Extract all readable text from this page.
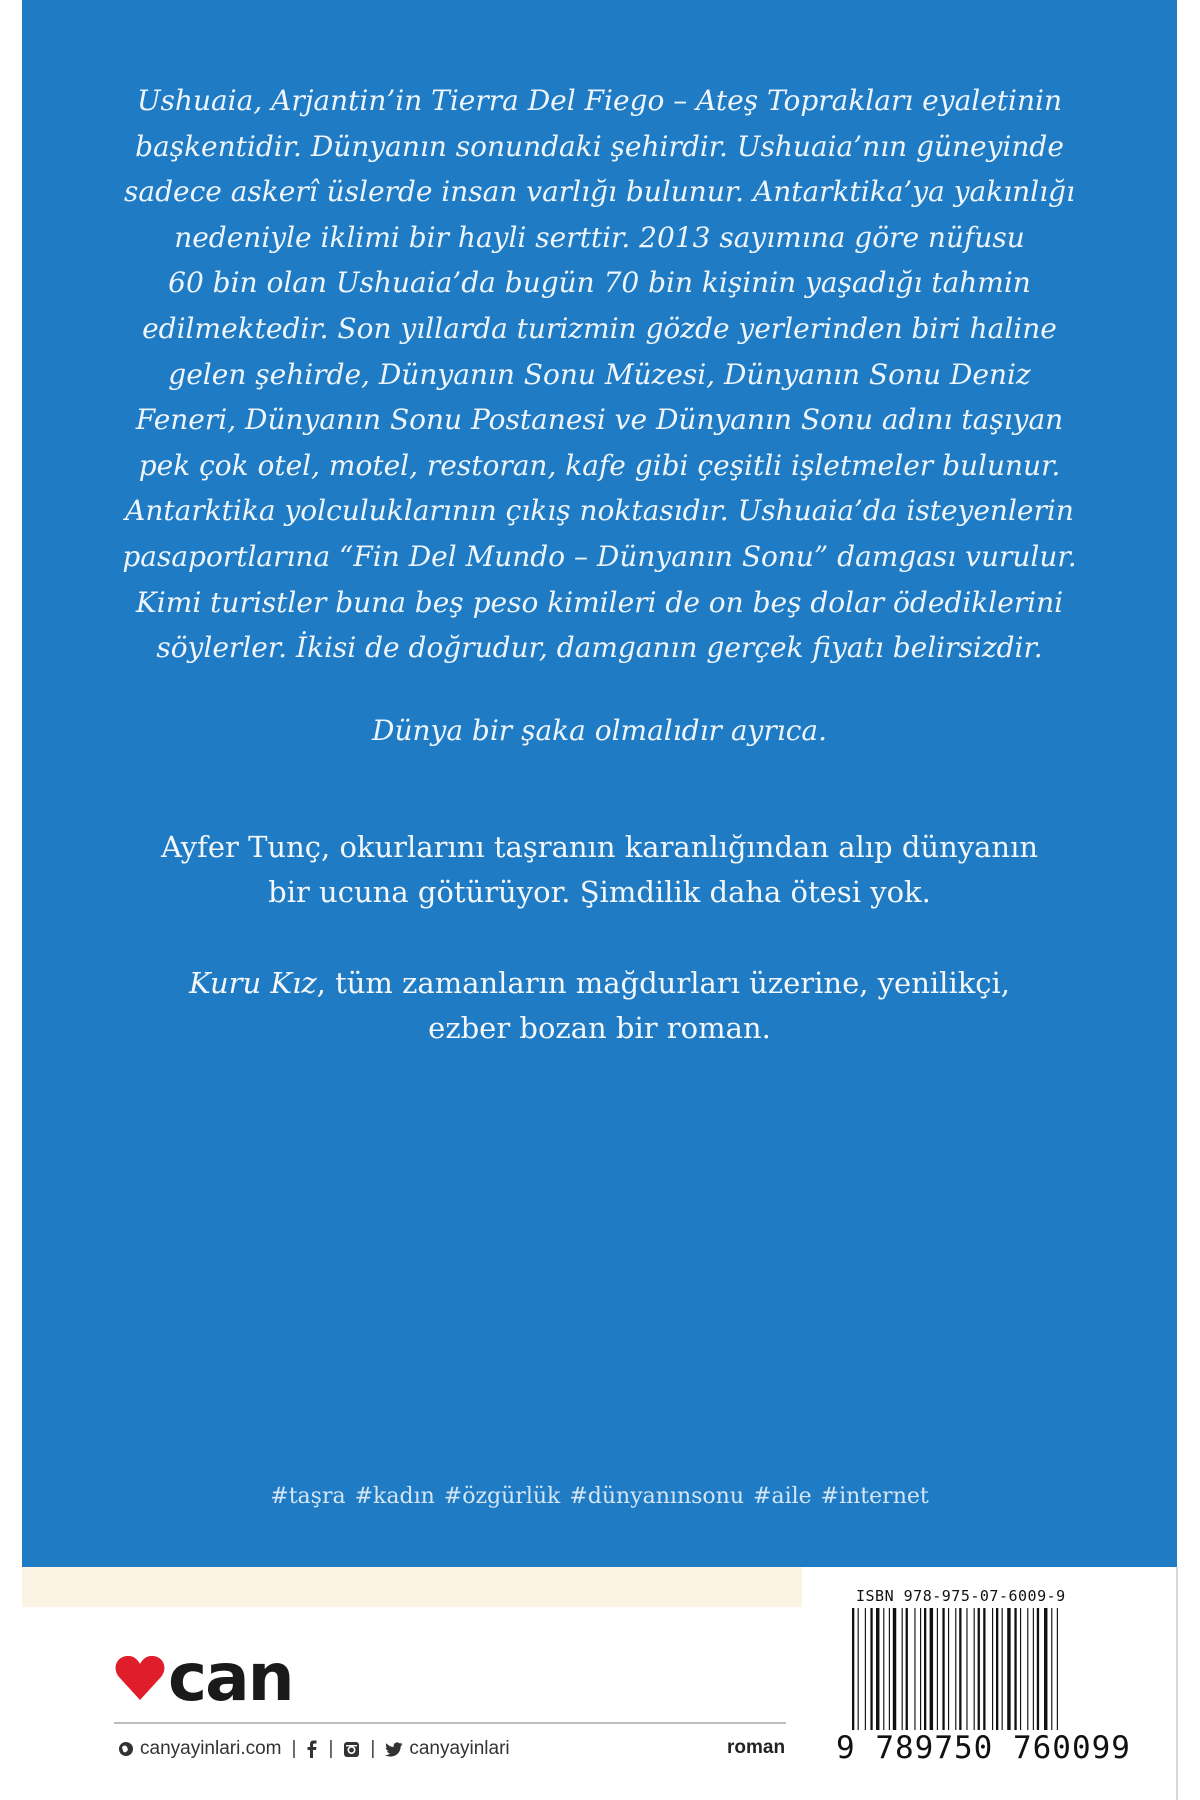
Ushuaia, Arjantin’in Tierra Del Fiego – Ateş Toprakları eyaletinin
başkentidir. Dünyanın sonundaki şehirdir. Ushuaia’nın güneyinde
sadece askerî üslerde insan varlığı bulunur. Antarktika’ya yakınlığı
nedeniyle iklimi bir hayli serttir. 2013 sayımına göre nüfusu
60 bin olan Ushuaia’da bugün 70 bin kişinin yaşadığı tahmin
edilmektedir. Son yıllarda turizmin gözde yerlerinden biri haline
gelen şehirde, Dünyanın Sonu Müzesi, Dünyanın Sonu Deniz
Feneri, Dünyanın Sonu Postanesi ve Dünyanın Sonu adını taşıyan
pek çok otel, motel, restoran, kafe gibi çeşitli işletmeler bulunur.
Antarktika yolculuklarının çıkış noktasıdır. Ushuaia’da isteyenlerin
pasaportlarına “Fin Del Mundo – Dünyanın Sonu” damgası vurulur.
Kimi turistler buna beş peso kimileri de on beş dolar ödediklerini
söylerler. İkisi de doğrudur, damganın gerçek fiyatı belirsizdir.
Dünya bir şaka olmalıdır ayrıca.
Ayfer Tunç, okurlarını taşranın karanlığından alıp dünyanın
bir ucuna götürüyor. Şimdilik daha ötesi yok.
Kuru Kız, tüm zamanların mağdurları üzerine, yenilikçi,
ezber bozan bir roman.
#taşra #kadın #özgürlük #dünyanınsonu #aile #internet
can
canyayinlari.com | | | canyayinlari	roman
ISBN 978-975-07-6009-9
9 789750 760099
